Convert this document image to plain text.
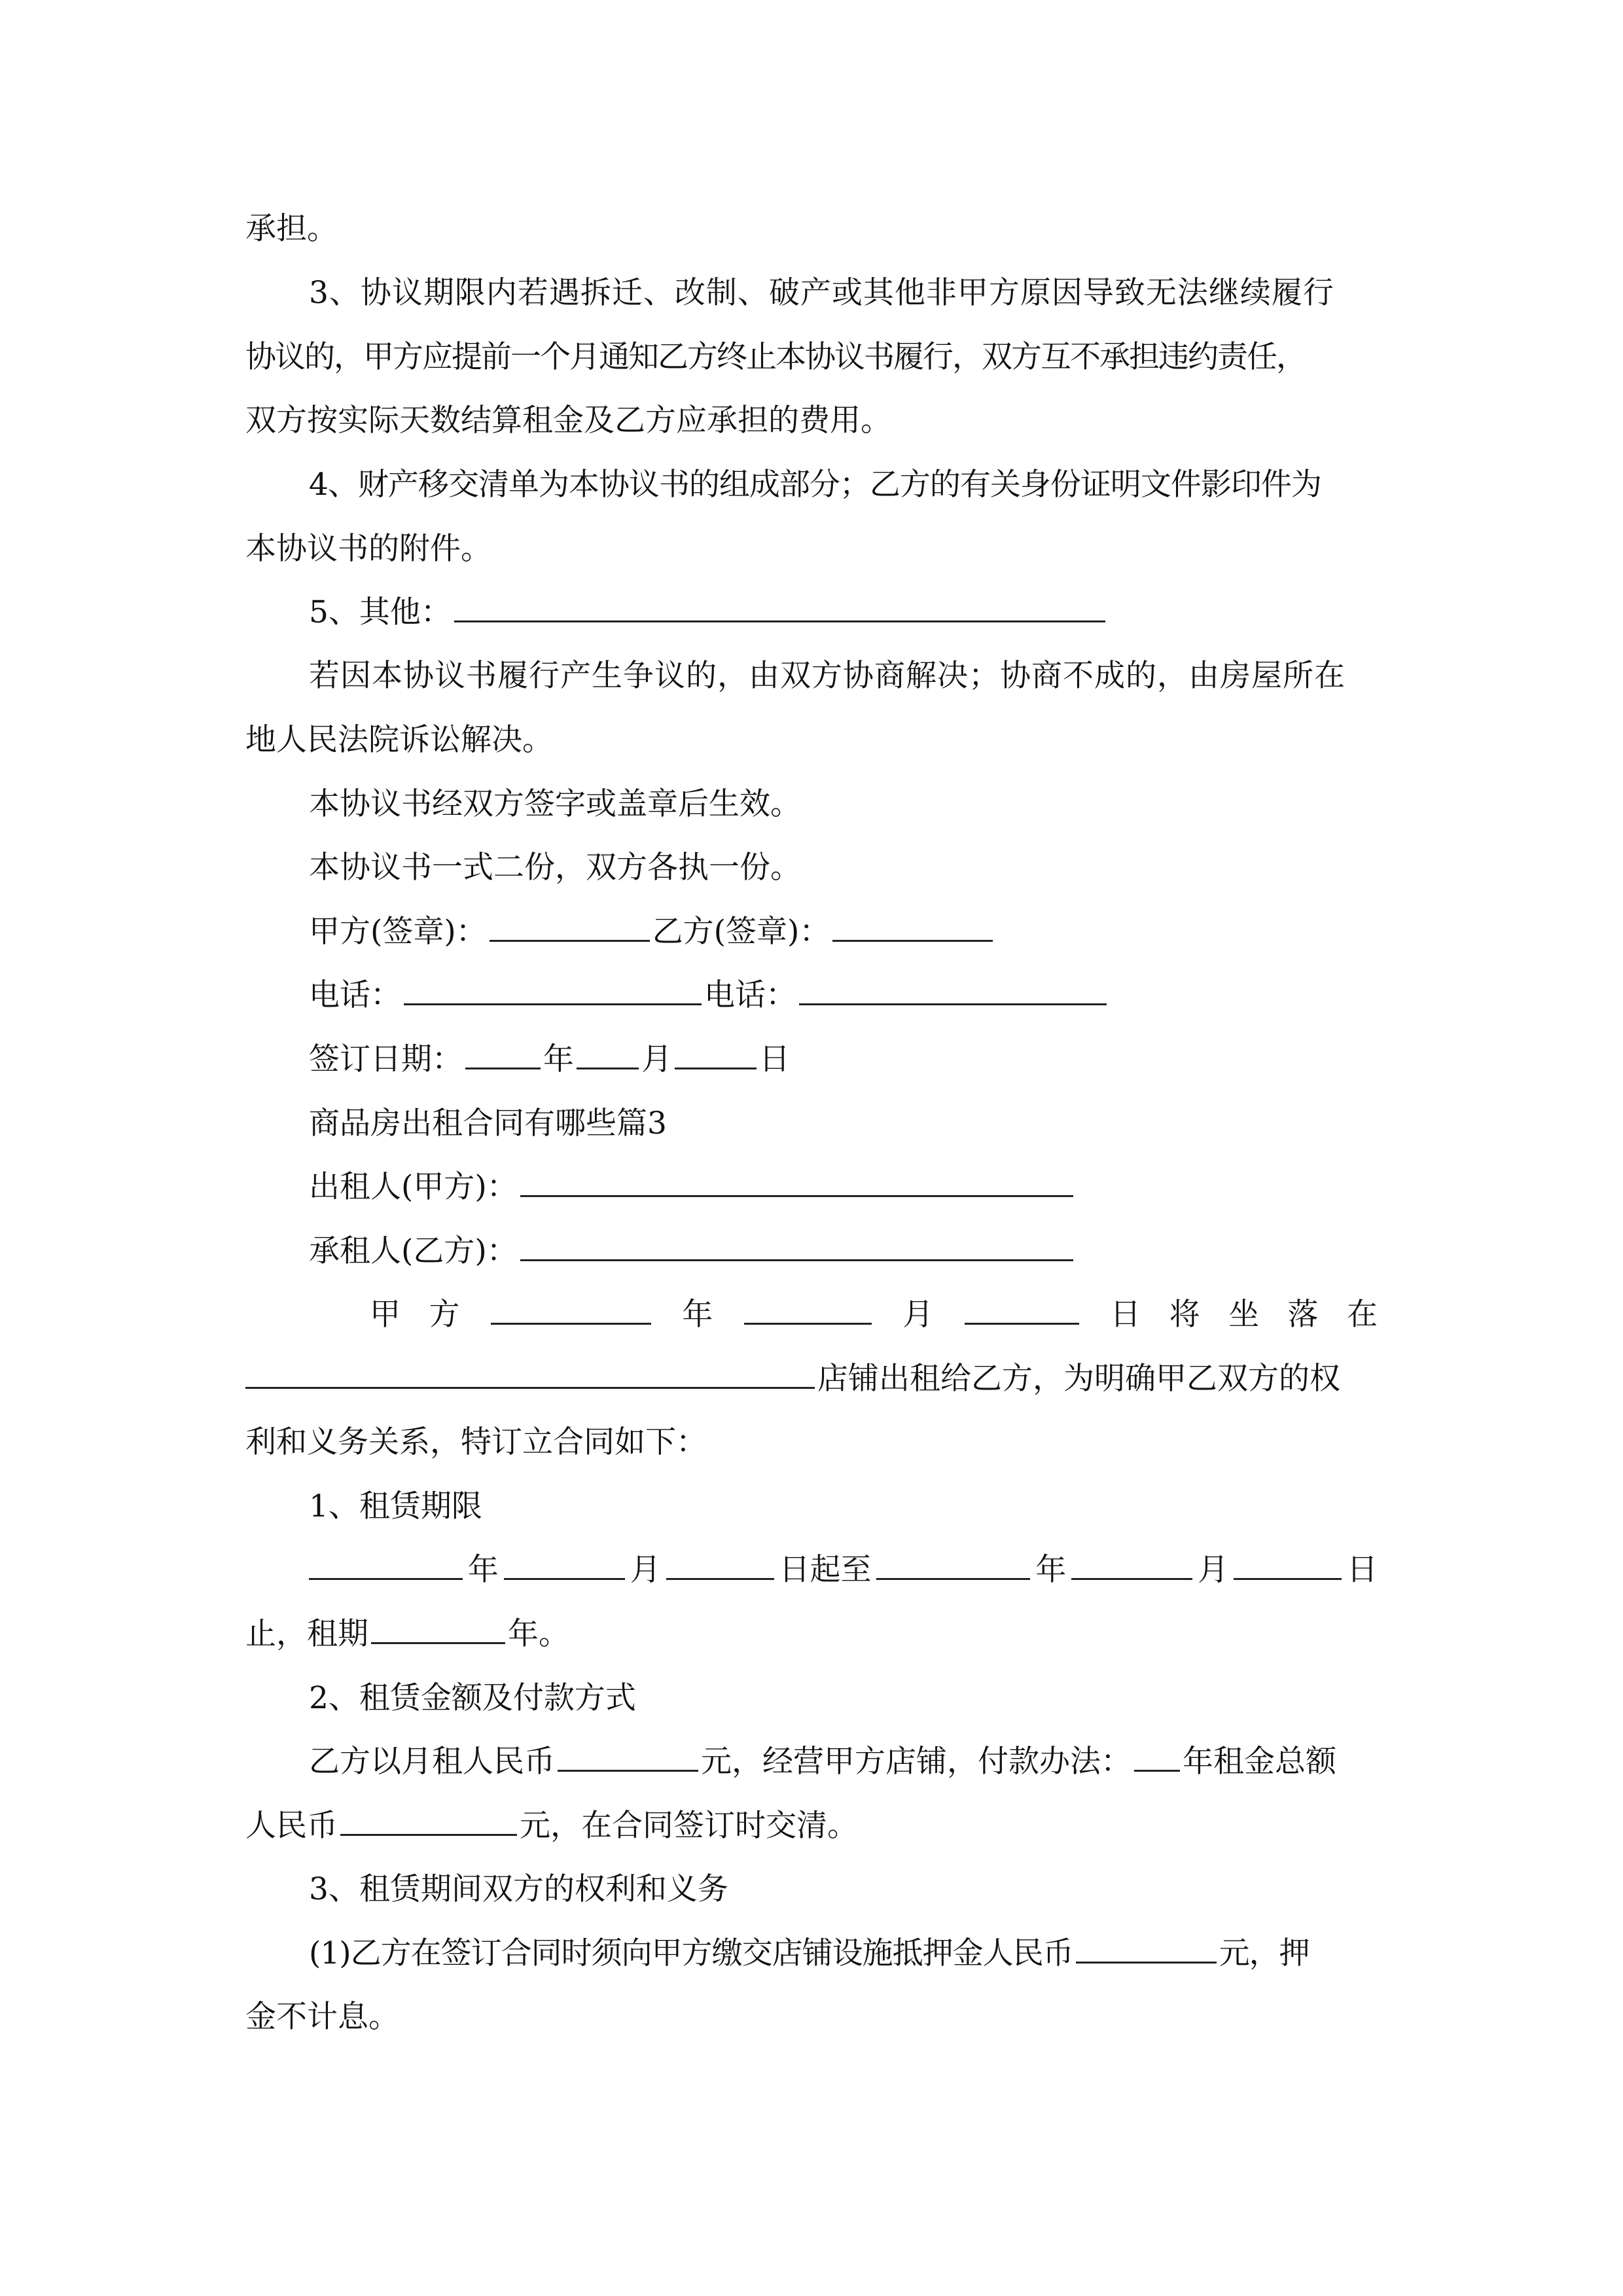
承担。
3、协议期限内若遇拆迁、改制、破产或其他非甲方原因导致无法继续履行
协议的，甲方应提前一个月通知乙方终止本协议书履行，双方互不承担违约责任，
双方按实际天数结算租金及乙方应承担的费用。
4、财产移交清单为本协议书的组成部分；乙方的有关身份证明文件影印件为
本协议书的附件。
5、其他：
若因本协议书履行产生争议的，由双方协商解决；协商不成的，由房屋所在
地人民法院诉讼解决。
本协议书经双方签字或盖章后生效。
本协议书一式二份，双方各执一份。
甲方(签章)：	乙方(签章)：
电话：	电话：
签订日期：	年 月	日
商品房出租合同有哪些篇3
出租人(甲方)：
承租人(乙方)：
甲 方	年	月	日 将 坐 落 在
店铺出租给乙方，为明确甲乙双方的权
利和义务关系，特订立合同如下：
1、租赁期限
年	月	日起至	年	月	日
止，租期	年。
2、租赁金额及付款方式
乙方以月租人民币	元，经营甲方店铺，付款办法： 年租金总额
人民币	元，在合同签订时交清。
3、租赁期间双方的权利和义务
(1)乙方在签订合同时须向甲方缴交店铺设施抵押金人民币	元，押
金不计息。
